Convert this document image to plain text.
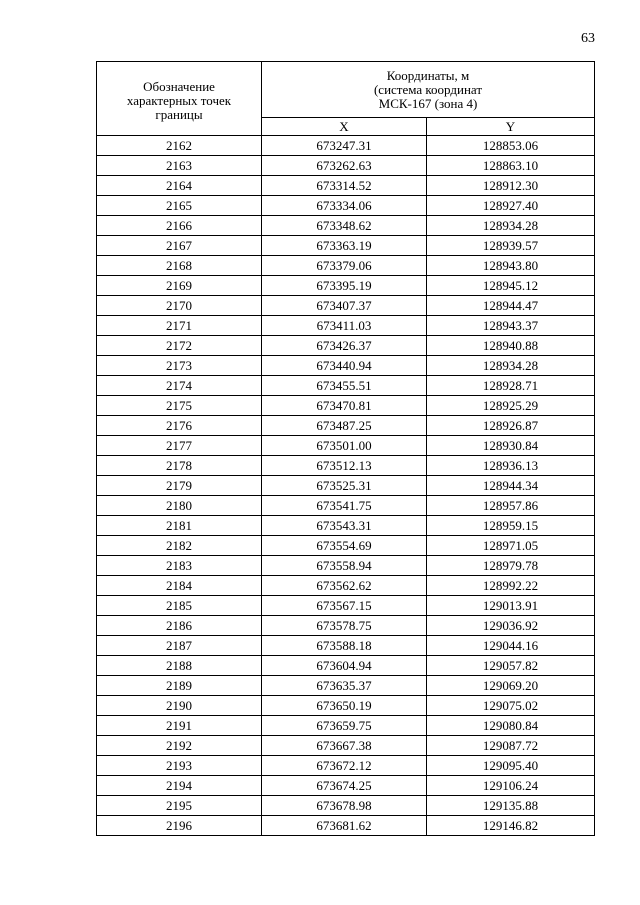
63
Обозначение
характерных точек
границы	Координаты, м
(система координат
МСК-167 (зона 4)	

	X	Y
2162	673247.31	128853.06
2163	673262.63	128863.10
2164	673314.52	128912.30
2165	673334.06	128927.40
2166	673348.62	128934.28
2167	673363.19	128939.57
2168	673379.06	128943.80
2169	673395.19	128945.12
2170	673407.37	128944.47
2171	673411.03	128943.37
2172	673426.37	128940.88
2173	673440.94	128934.28
2174	673455.51	128928.71
2175	673470.81	128925.29
2176	673487.25	128926.87
2177	673501.00	128930.84
2178	673512.13	128936.13
2179	673525.31	128944.34
2180	673541.75	128957.86
2181	673543.31	128959.15
2182	673554.69	128971.05
2183	673558.94	128979.78
2184	673562.62	128992.22
2185	673567.15	129013.91
2186	673578.75	129036.92
2187	673588.18	129044.16
2188	673604.94	129057.82
2189	673635.37	129069.20
2190	673650.19	129075.02
2191	673659.75	129080.84
2192	673667.38	129087.72
2193	673672.12	129095.40
2194	673674.25	129106.24
2195	673678.98	129135.88
2196	673681.62	129146.82
